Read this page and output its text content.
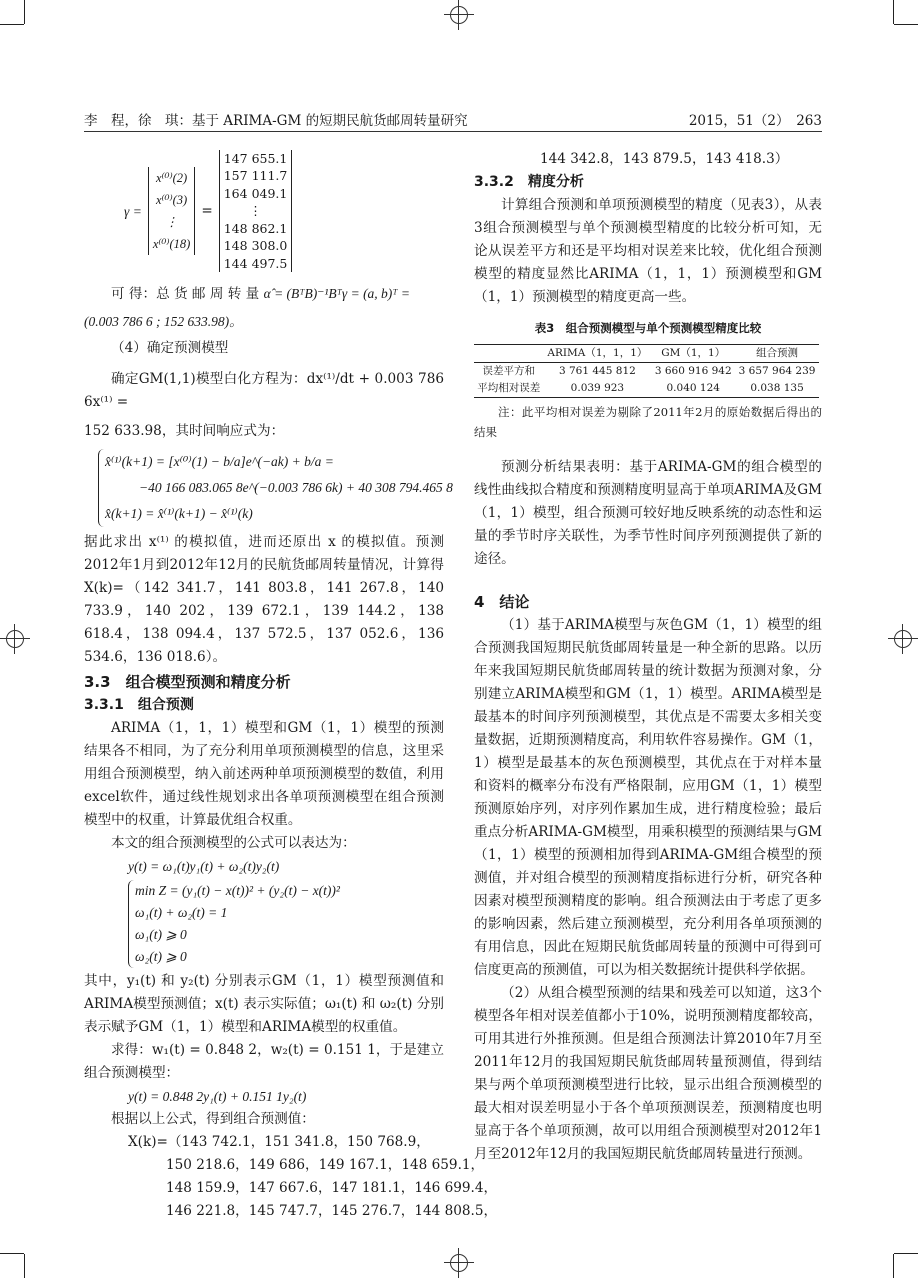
李　程，徐　琪：基于 ARIMA-GM 的短期民航货邮周转量研究	2015，51（2）　263
γ =
x⁽⁰⁾(2)
x⁽⁰⁾(3)
⋮
x⁽⁰⁾(18)
=
147 655.1
157 111.7
164 049.1
⋮
148 862.1
148 308.0
144 497.5

可 得：总 货 邮 周 转 量 α̂ = (BᵀB)⁻¹Bᵀγ = (a, b)ᵀ =

(0.003 786 6 ; 152 633.98)。

（4）确定预测模型

确定GM(1,1)模型白化方程为：dx⁽¹⁾/dt + 0.003 786 6x⁽¹⁾ =

152 633.98，其时间响应式为：

x̂⁽¹⁾(k+1) = [x⁽⁰⁾(1) − b/a]e^(−ak) + b/a =
−40 166 083.065 8e^(−0.003 786 6k) + 40 308 794.465 8
x̂(k+1) = x̂⁽¹⁾(k+1) − x̂⁽¹⁾(k)

据此求出 x⁽¹⁾ 的模拟值，进而还原出 x 的模拟值。预测2012年1月到2012年12月的民航货邮周转量情况，计算得 X(k)=（142 341.7，141 803.8，141 267.8，140 733.9，140 202，139 672.1，139 144.2，138 618.4，138 094.4，137 572.5，137 052.6，136 534.6，136 018.6）。

3.3　组合模型预测和精度分析

3.3.1　组合预测

ARIMA（1，1，1）模型和GM（1，1）模型的预测结果各不相同，为了充分利用单项预测模型的信息，这里采用组合预测模型，纳入前述两种单项预测模型的数值，利用excel软件，通过线性规划求出各单项预测模型在组合预测模型中的权重，计算最优组合权重。

本文的组合预测模型的公式可以表达为：

y(t) = ω₁(t)y₁(t) + ω₂(t)y₂(t)
min Z = (y₁(t) − x(t))² + (y₂(t) − x(t))²
ω₁(t) + ω₂(t) = 1
ω₁(t) ⩾ 0
ω₂(t) ⩾ 0

其中，y₁(t) 和 y₂(t) 分别表示GM（1，1）模型预测值和ARIMA模型预测值；x(t) 表示实际值；ω₁(t) 和 ω₂(t) 分别表示赋予GM（1，1）模型和ARIMA模型的权重值。

求得：w₁(t) = 0.848 2，w₂(t) = 0.151 1，于是建立组合预测模型：

y(t) = 0.848 2y₁(t) + 0.151 1y₂(t)

根据以上公式，得到组合预测值：

X(k)=（143 742.1，151 341.8，150 768.9，
150 218.6，149 686，149 167.1，148 659.1，
148 159.9，147 667.6，147 181.1，146 699.4，
146 221.8，145 747.7，145 276.7，144 808.5，
144 342.8，143 879.5，143 418.3）

3.3.2　精度分析

计算组合预测和单项预测模型的精度（见表3），从表3组合预测模型与单个预测模型精度的比较分析可知，无论从误差平方和还是平均相对误差来比较，优化组合预测模型的精度显然比ARIMA（1，1，1）预测模型和GM（1，1）预测模型的精度更高一些。

表3　组合预测模型与单个预测模型精度比较
	ARIMA（1，1，1）	GM（1，1）	组合预测
误差平方和	3 761 445 812	3 660 916 942	3 657 964 239
平均相对误差	0.039 923	0.040 124	0.038 135

注：此平均相对误差为剔除了2011年2月的原始数据后得出的结果

预测分析结果表明：基于ARIMA-GM的组合模型的线性曲线拟合精度和预测精度明显高于单项ARIMA及GM（1，1）模型，组合预测可较好地反映系统的动态性和运量的季节时序关联性，为季节性时间序列预测提供了新的途径。

4　结论

（1）基于ARIMA模型与灰色GM（1，1）模型的组合预测我国短期民航货邮周转量是一种全新的思路。以历年来我国短期民航货邮周转量的统计数据为预测对象，分别建立ARIMA模型和GM（1，1）模型。ARIMA模型是最基本的时间序列预测模型，其优点是不需要太多相关变量数据，近期预测精度高，利用软件容易操作。GM（1，1）模型是最基本的灰色预测模型，其优点在于对样本量和资料的概率分布没有严格限制，应用GM（1，1）模型预测原始序列，对序列作累加生成，进行精度检验；最后重点分析ARIMA-GM模型，用乘积模型的预测结果与GM（1，1）模型的预测相加得到ARIMA-GM组合模型的预测值，并对组合模型的预测精度指标进行分析，研究各种因素对模型预测精度的影响。组合预测法由于考虑了更多的影响因素，然后建立预测模型，充分利用各单项预测的有用信息，因此在短期民航货邮周转量的预测中可得到可信度更高的预测值，可以为相关数据统计提供科学依据。

（2）从组合模型预测的结果和残差可以知道，这3个模型各年相对误差值都小于10%，说明预测精度都较高，可用其进行外推预测。但是组合预测法计算2010年7月至2011年12月的我国短期民航货邮周转量预测值，得到结果与两个单项预测模型进行比较，显示出组合预测模型的最大相对误差明显小于各个单项预测误差，预测精度也明显高于各个单项预测，故可以用组合预测模型对2012年1月至2012年12月的我国短期民航货邮周转量进行预测。
